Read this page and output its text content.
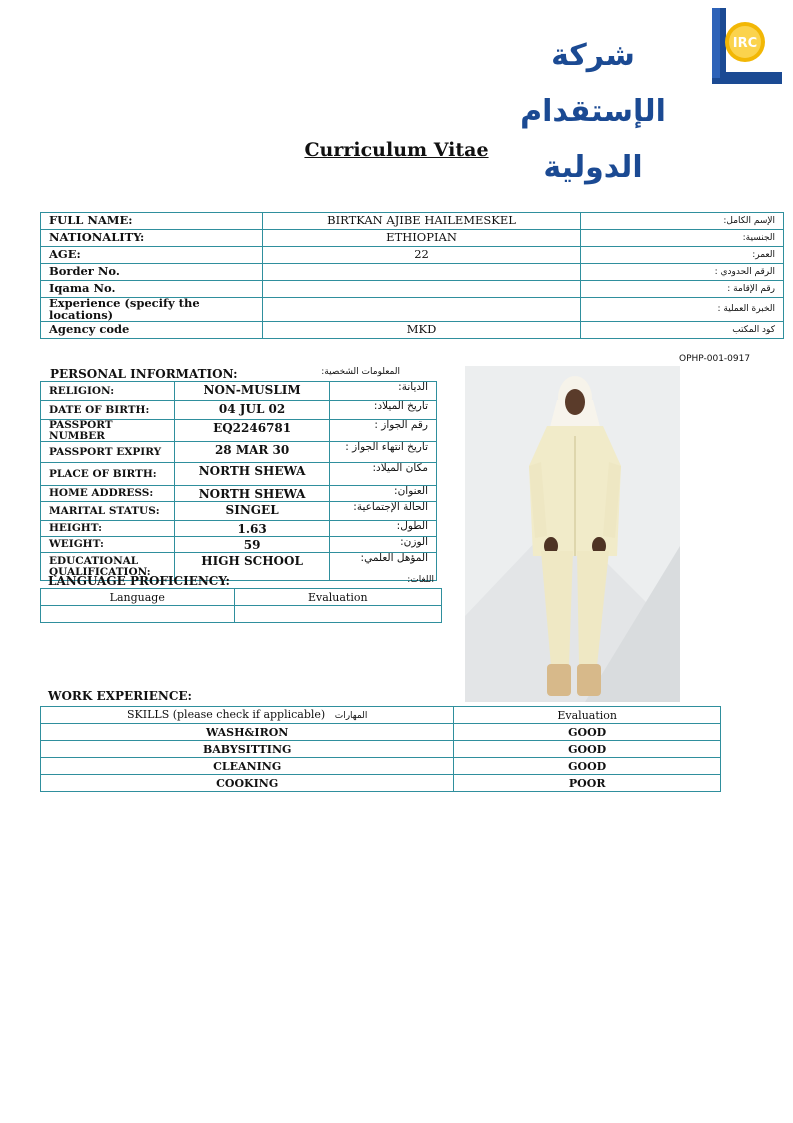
شركة الإستقدام الدولية
IRC
Curriculum Vitae
FULL NAME:	BIRTKAN AJIBE HAILEMESKEL	الإسم الكامل:
NATIONALITY:	ETHIOPIAN	الجنسية:
AGE:	22	العمر:
Border No.		الرقم الحدودي :
Iqama No.		رقم الإقامة :
Experience (specify the locations)		الخبرة العملية :
Agency code	MKD	كود المكتب
OPHP-001-0917
PERSONAL INFORMATION:	المعلومات الشخصية:
RELIGION:	NON-MUSLIM	الديانة:
DATE OF BIRTH:	04 JUL 02	تاريخ الميلاد:
PASSPORT NUMBER	EQ2246781	رقم الجواز :
PASSPORT EXPIRY	28 MAR 30	تاريخ انتهاء الجواز :
PLACE OF BIRTH:	NORTH SHEWA	مكان الميلاد:
HOME ADDRESS:	NORTH SHEWA	العنوان:
MARITAL STATUS:	SINGEL	الحالة الإجتماعية:
HEIGHT:	1.63	الطول:
WEIGHT:	59	الوزن:
EDUCATIONAL QUALIFICATION:	HIGH SCHOOL	المؤهل العلمي:
LANGUAGE PROFICIENCY:	اللغات:
Language	Evaluation

WORK EXPERIENCE:
SKILLS (please check if applicable) المهارات	Evaluation
WASH&IRON	GOOD
BABYSITTING	GOOD
CLEANING	GOOD
COOKING	POOR
